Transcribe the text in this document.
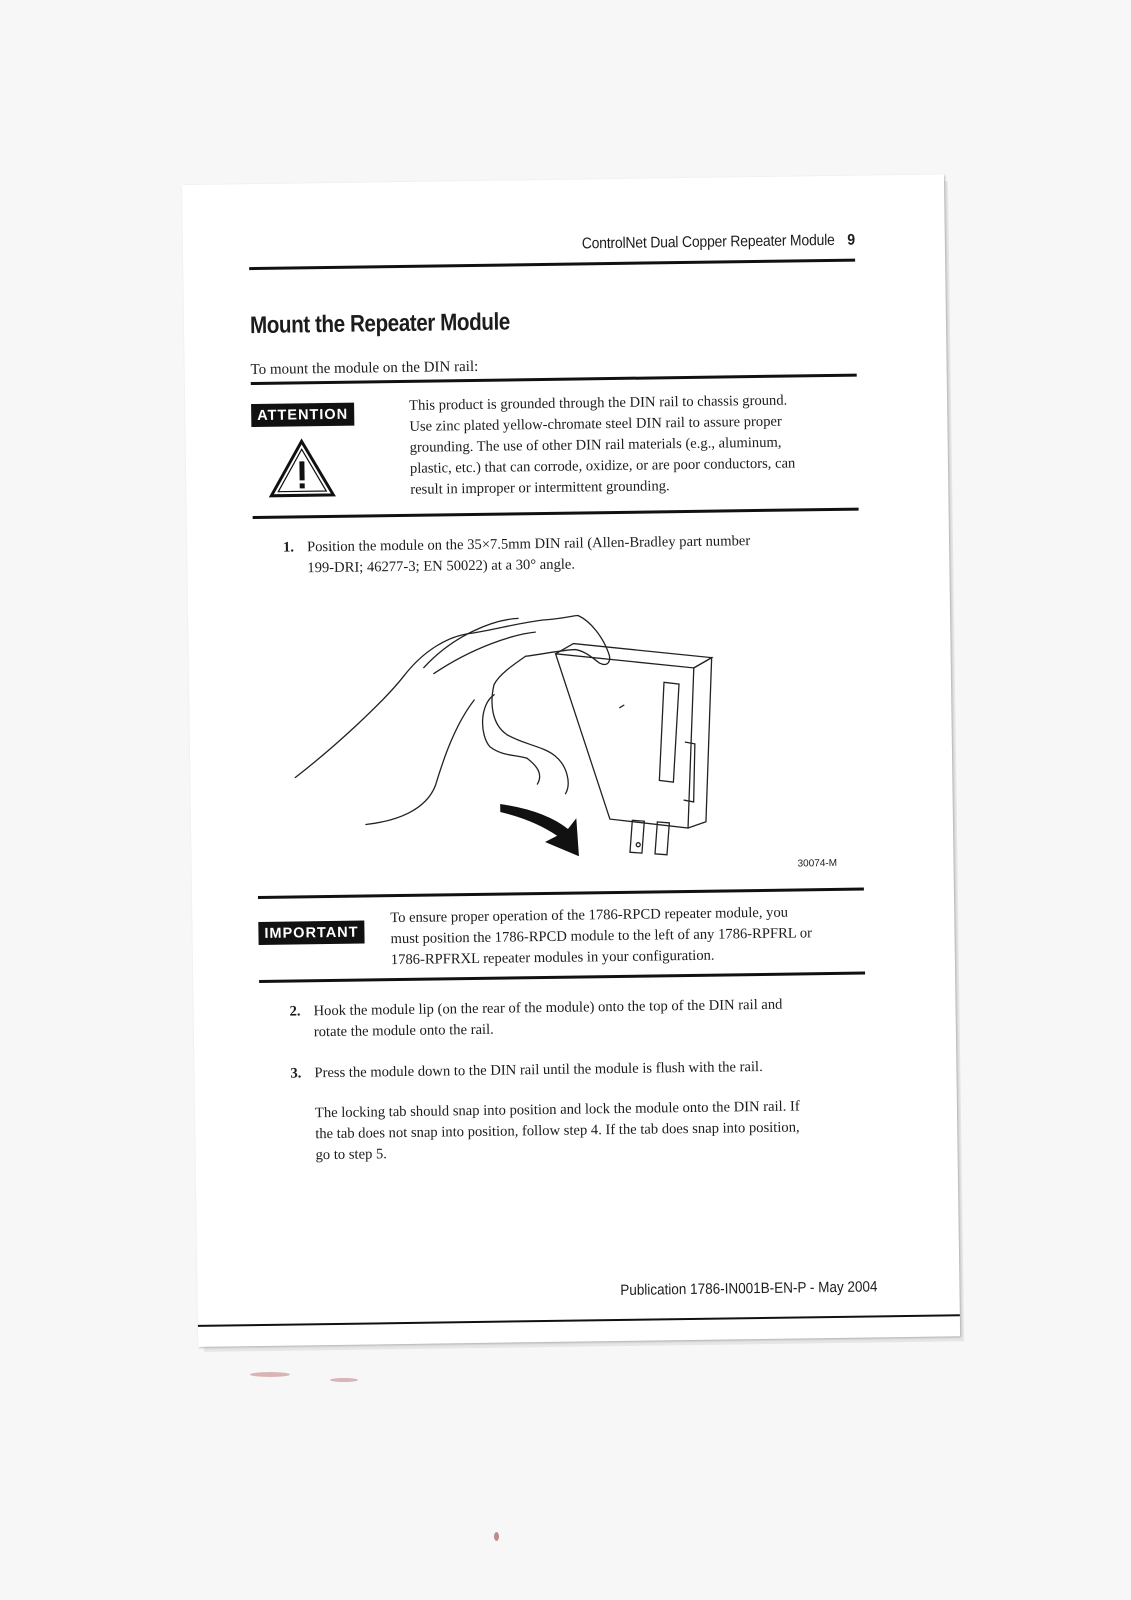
ControlNet Dual Copper Repeater Module 9
Mount the Repeater Module
To mount the module on the DIN rail:
ATTENTION
This product is grounded through the DIN rail to chassis ground.
Use zinc plated yellow-chromate steel DIN rail to assure proper
grounding. The use of other DIN rail materials (e.g., aluminum,
plastic, etc.) that can corrode, oxidize, or are poor conductors, can
result in improper or intermittent grounding.
1. Position the module on the 35×7.5mm DIN rail (Allen-Bradley part number
199-DRI; 46277-3; EN 50022) at a 30° angle.
30074-M
IMPORTANT
To ensure proper operation of the 1786-RPCD repeater module, you
must position the 1786-RPCD module to the left of any 1786-RPFRL or
1786-RPFRXL repeater modules in your configuration.
2. Hook the module lip (on the rear of the module) onto the top of the DIN rail and
rotate the module onto the rail.
3. Press the module down to the DIN rail until the module is flush with the rail.
The locking tab should snap into position and lock the module onto the DIN rail. If
the tab does not snap into position, follow step 4. If the tab does snap into position,
go to step 5.
Publication 1786-IN001B-EN-P - May 2004
